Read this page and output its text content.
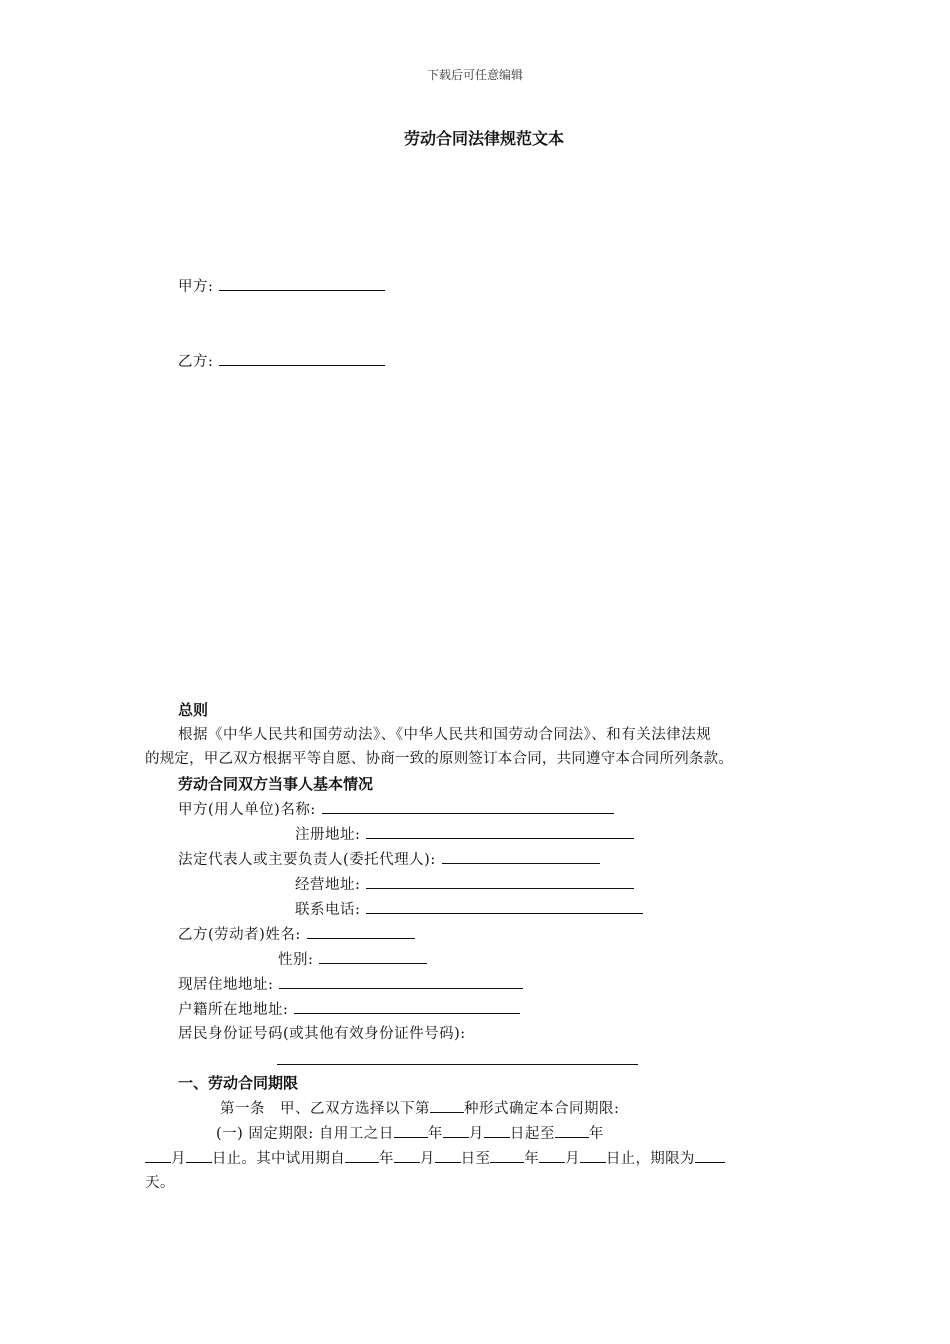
下载后可任意编辑
劳动合同法律规范文本
甲方:
乙方:
总则
根据《中华人民共和国劳动法》、《中华人民共和国劳动合同法》、和有关法律法规
的规定，甲乙双方根据平等自愿、协商一致的原则签订本合同，共同遵守本合同所列条款。
劳动合同双方当事人基本情况
甲方(用人单位)名称:
注册地址:
法定代表人或主要负责人(委托代理人):
经营地址:
联系电话:
乙方(劳动者)姓名:
性别:
现居住地地址:
户籍所在地地址:
居民身份证号码(或其他有效身份证件号码):
一、劳动合同期限
第一条　甲、乙双方选择以下第 种形式确定本合同期限:
(一) 固定期限: 自用工之日 年 月 日起至 年
月 日止。其中试用期自 年 月 日至 年 月 日止，期限为
天。
